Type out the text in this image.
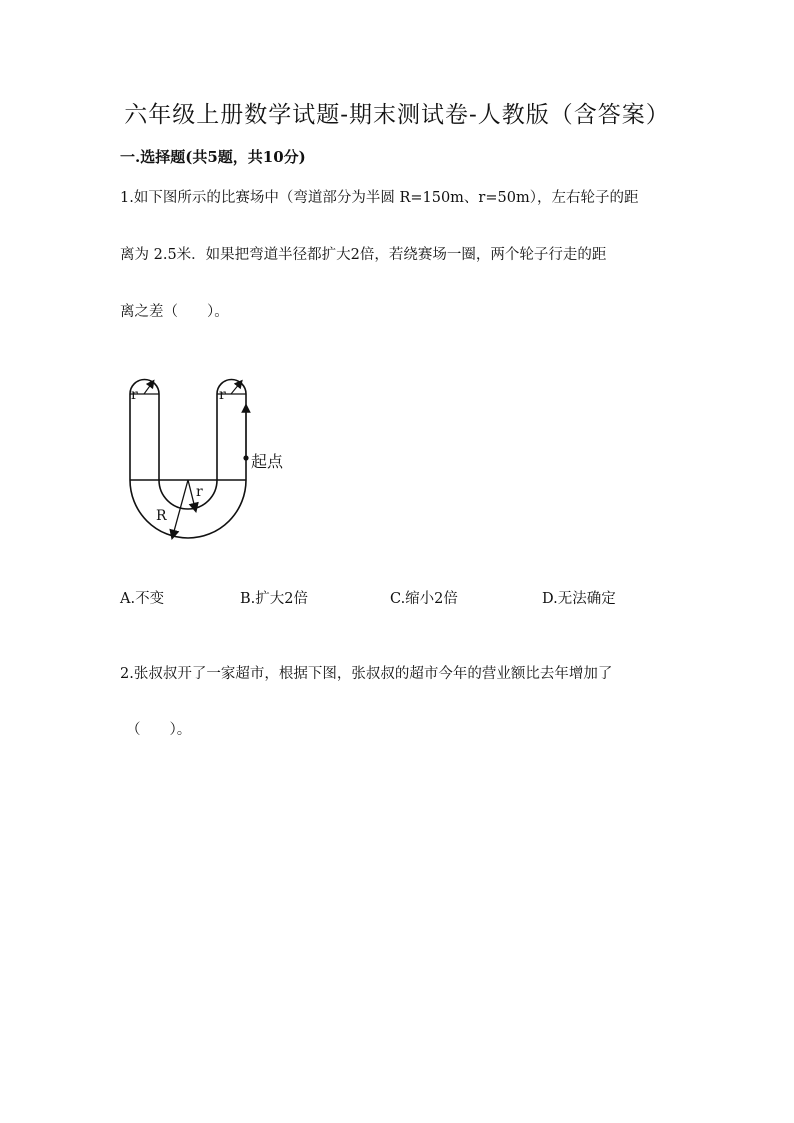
六年级上册数学试题-期末测试卷-人教版（含答案）
一.选择题(共5题，共10分)
1.如下图所示的比赛场中（弯道部分为半圆 R=150m、r=50m），左右轮子的距
离为 2.5米．如果把弯道半径都扩大2倍，若绕赛场一圈，两个轮子行走的距
离之差（　　）。
r	r
r
R
起点
A.不变	B.扩大2倍	C.缩小2倍	D.无法确定
2.张叔叔开了一家超市，根据下图，张叔叔的超市今年的营业额比去年增加了
（　　）。
